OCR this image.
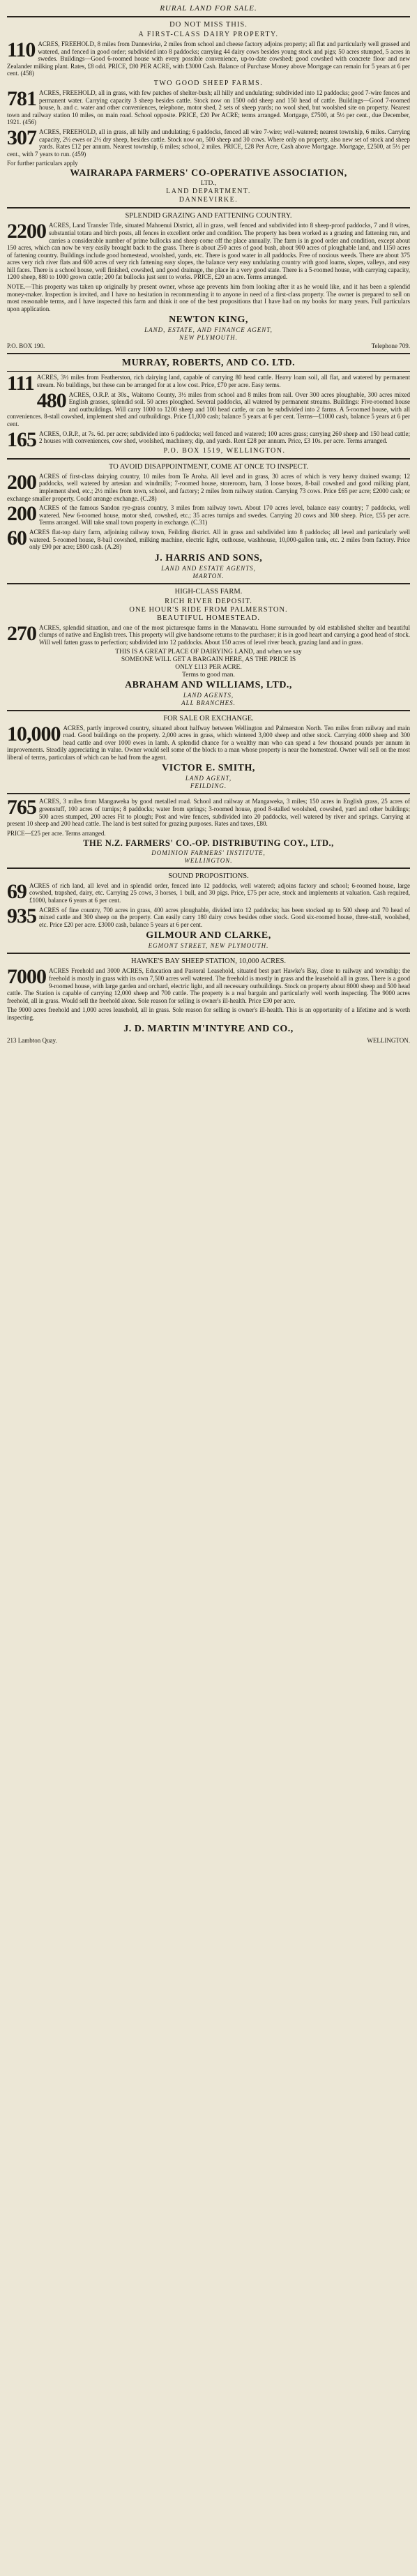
RURAL LAND FOR SALE.
DO NOT MISS THIS.
A FIRST-CLASS DAIRY PROPERTY.
110 ACRES, FREEHOLD, 8 miles from Dannevirke, 2 miles from school and cheese factory adjoins property; all flat and particularly well grassed and watered, and fenced in good order; subdivided into 8 paddocks; carrying 44 dairy cows besides young stock and pigs; 50 acres stumped, 5 acres in swedes. Buildings—Good 6-roomed house with every possible convenience, up-to-date cowshed; good cowshed with concrete floor and new Zealander milking plant. Rates, £8 odd. PRICE, £80 PER ACRE, with £3000 Cash. Balance of Purchase Money above Mortgage can remain for 5 years at 6 per cent. (458)
TWO GOOD SHEEP FARMS.
781 ACRES, FREEHOLD, all in grass, with few patches of shelter-bush; all hilly and undulating; subdivided into 12 paddocks; good 7-wire fences and permanent water. Carrying capacity 3 sheep besides cattle. Stock now on 1500 odd sheep and 150 head of cattle. Buildings—Good 7-roomed house, h. and c. water and other conveniences, telephone, motor shed, 2 sets of sheep yards; no wool shed, but woolshed site on property. Nearest town and railway station 10 miles, on main road. School opposite. PRICE, £20 Per ACRE; terms arranged. Mortgage, £7500, at 5½ per cent., due December, 1921. (456)
307 ACRES, FREEHOLD, all in grass, all hilly and undulating; 6 paddocks, fenced all wire 7-wire; well-watered; nearest township, 6 miles. Carrying capacity, 2½ ewes or 2½ dry sheep, besides cattle. Stock now on, 500 sheep and 30 cows. Where only on property, also new set of stock and sheep yards. Rates £12 per annum. Nearest township, 6 miles; school, 2 miles. PRICE, £28 Per Acre, Cash above Mortgage. Mortgage, £2500, at 5½ per cent., with 7 years to run. (459)
For further particulars apply
WAIRARAPA FARMERS' CO-OPERATIVE ASSOCIATION,
LTD.,
LAND DEPARTMENT.
DANNEVIRKE.
SPLENDID GRAZING AND FATTENING COUNTRY.
2200 ACRES, Land Transfer Title, situated Mahoenui District, all in grass, well fenced and subdivided into 8 sheep-proof paddocks, 7 and 8 wires, substantial totara and birch posts, all fences in excellent order and condition. The property has been worked as a grazing and fattening run, and carries a considerable number of prime bullocks and sheep come off the place annually. The farm is in good order and condition, except about 150 acres, which can now be very easily brought back to the grass. There is about 250 acres of good bush, about 900 acres of ploughable land, and 1150 acres of fattening country. Buildings include good homestead, woolshed, yards, etc. There is good water in all paddocks. Free of noxious weeds. There are about 375 acres very rich river flats and 600 acres of very rich fattening easy slopes, the balance very easy undulating country with good loams, slopes, valleys, and easy hill faces. There is a school house, well finished, cowshed, and good drainage, the place in a very good state. There is a 5-roomed house, with carrying capacity, 1200 sheep, 880 to 1000 grown cattle; 200 fat bullocks just sent to works. PRICE, £20 an acre. Terms arranged.
NOTE.—This property was taken up originally by present owner, whose age prevents him from looking after it as he would like, and it has been a splendid money-maker. Inspection is invited, and I have no hesitation in recommending it to anyone in need of a first-class property. The owner is prepared to sell on most reasonable terms, and I have inspected this farm and think it one of the best propositions that I have had on my books for many years. Full particulars upon application.
NEWTON KING,
LAND, ESTATE, AND FINANCE AGENT,
NEW PLYMOUTH.
P.O. BOX 190.	Telephone 709.
MURRAY, ROBERTS, AND CO. LTD.
111 ACRES, 3½ miles from Featherston, rich dairying land, capable of carrying 80 head cattle. Heavy loam soil, all flat, and watered by permanent stream. No buildings, but these can be arranged for at a low cost. Price, £70 per acre. Easy terms.
480 ACRES, O.R.P. at 30s., Waitomo County, 3½ miles from school and 8 miles from rail. Over 300 acres ploughable, 300 acres mixed English grasses, splendid soil. 50 acres ploughed. Several paddocks, all watered by permanent streams. Buildings: Five-roomed house and outbuildings. Will carry 1000 to 1200 sheep and 100 head cattle, or can be subdivided into 2 farms. A 5-roomed house, with all conveniences. 8-stall cowshed, implement shed and outbuildings. Price £1,000 cash; balance 5 years at 6 per cent. Terms—£1000 cash, balance 5 years at 6 per cent.
165 ACRES, O.R.P., at 7s. 6d. per acre; subdivided into 6 paddocks; well fenced and watered; 100 acres grass; carrying 260 sheep and 150 head cattle; 2 houses with conveniences, cow shed, woolshed, machinery, dip, and yards. Rent £28 per annum. Price, £3 10s. per acre. Terms arranged.
P.O. BOX 1519, WELLINGTON.
TO AVOID DISAPPOINTMENT, COME AT ONCE TO INSPECT.
200 ACRES of first-class dairying country, 10 miles from Te Aroha. All level and in grass, 30 acres of which is very heavy drained swamp; 12 paddocks, well watered by artesian and windmills; 7-roomed house, storeroom, barn, 3 loose boxes, 8-bail cowshed and good milking plant, implement shed, etc.; 2½ miles from town, school, and factory; 2 miles from railway station. Carrying 73 cows. Price £65 per acre; £2000 cash; or exchange smaller property. Could arrange exchange. (C.28)
200 ACRES of the famous Sandon rye-grass country, 3 miles from railway town. About 170 acres level, balance easy country; 7 paddocks, well watered. New 6-roomed house, motor shed, cowshed, etc.; 35 acres turnips and swedes. Carrying 20 cows and 300 sheep. Price, £55 per acre. Terms arranged. Will take small town property in exchange. (C.31)
60 ACRES flat-top dairy farm, adjoining railway town, Feilding district. All in grass and subdivided into 8 paddocks; all level and particularly well watered. 5-roomed house, 8-bail cowshed, milking machine, electric light, outhouse, washhouse, 10,000-gallon tank, etc. 2 miles from factory. Price only £90 per acre; £800 cash. (A.28)
J. HARRIS AND SONS,
LAND AND ESTATE AGENTS,
MARTON.
HIGH-CLASS FARM.
RICH RIVER DEPOSIT.
ONE HOUR'S RIDE FROM PALMERSTON.
BEAUTIFUL HOMESTEAD.
270 ACRES, splendid situation, and one of the most picturesque farms in the Manawatu. Home surrounded by old established shelter and beautiful clumps of native and English trees. This property will give handsome returns to the purchaser; it is in good heart and carrying a good head of stock. Will well fatten grass to perfection; subdivided into 12 paddocks. About 150 acres of level river beach, grazing land and in grass.
THIS IS A GREAT PLACE OF DAIRYING LAND, and when we say
SOMEONE WILL GET A BARGAIN HERE, AS THE PRICE IS
ONLY £113 PER ACRE.
Terms to good man.
ABRAHAM AND WILLIAMS, LTD.,
LAND AGENTS,
ALL BRANCHES.
FOR SALE OR EXCHANGE.
10,000 ACRES, partly improved country, situated about halfway between Wellington and Palmerston North. Ten miles from railway and main road. Good buildings on the property. 2,000 acres in grass, which wintered 3,000 sheep and other stock. Carrying 4000 sheep and 300 head cattle and over 1000 ewes in lamb. A splendid chance for a wealthy man who can spend a few thousand pounds per annum in improvements. Steadily appreciating in value. Owner would sell some of the block to a man whose property is near the homestead. Owner will sell on the most liberal of terms, particulars of which can be had from the agent.
VICTOR E. SMITH,
LAND AGENT,
FEILDING.
765 ACRES, 3 miles from Mangaweka by good metalled road. School and railway at Mangaweka, 3 miles; 150 acres in English grass, 25 acres of greenstuff, 100 acres of turnips; 8 paddocks; water from springs; 3-roomed house, good 8-stalled woolshed, cowshed, yard and other buildings; 500 acres stumped, 200 acres Fit to plough; Post and wire fences, subdivided into 20 paddocks, well watered by river and springs. Carrying at present 10 sheep and 200 head cattle. The land is best suited for grazing purposes. Rates and taxes, £80.
PRICE—£25 per acre. Terms arranged.
THE N.Z. FARMERS' CO.-OP. DISTRIBUTING COY., LTD.,
DOMINION FARMERS' INSTITUTE,
WELLINGTON.
SOUND PROPOSITIONS.
69 ACRES of rich land, all level and in splendid order, fenced into 12 paddocks, well watered; adjoins factory and school; 6-roomed house, large cowshed, trapshed, dairy, etc. Carrying 25 cows, 3 horses, 1 bull, and 30 pigs. Price, £75 per acre, stock and implements at valuation. Cash required, £1000, balance 6 years at 6 per cent.
935 ACRES of fine country, 700 acres in grass, 400 acres ploughable, divided into 12 paddocks; has been stocked up to 500 sheep and 70 head of mixed cattle and 300 sheep on the property. Can easily carry 180 dairy cows besides other stock. Good six-roomed house, three-stall, woolshed, etc. Price £20 per acre. £3000 cash, balance 5 years at 6 per cent.
GILMOUR AND CLARKE,
EGMONT STREET, NEW PLYMOUTH.
HAWKE'S BAY SHEEP STATION, 10,000 ACRES.
7000 ACRES Freehold and 3000 ACRES, Education and Pastoral Leasehold, situated best part Hawke's Bay, close to railway and township; the freehold is mostly in grass with its own 7,500 acres well watered. The freehold is mostly in grass and the leasehold all in grass. There is a good 9-roomed house, with large garden and orchard, electric light, and all necessary outbuildings. Stock on property about 8000 sheep and 500 head cattle. The Station is capable of carrying 12,000 sheep and 700 cattle. The property is a real bargain and particularly well worth inspecting. The 9000 acres freehold, all in grass. Would sell the freehold alone. Sole reason for selling is owner's ill-health. Price £30 per acre.
The 9000 acres freehold and 1,000 acres leasehold, all in grass. Sole reason for selling is owner's ill-health. This is an opportunity of a lifetime and is worth inspecting.
J. D. MARTIN M'INTYRE AND CO.,
213 Lambton Quay.	WELLINGTON.
